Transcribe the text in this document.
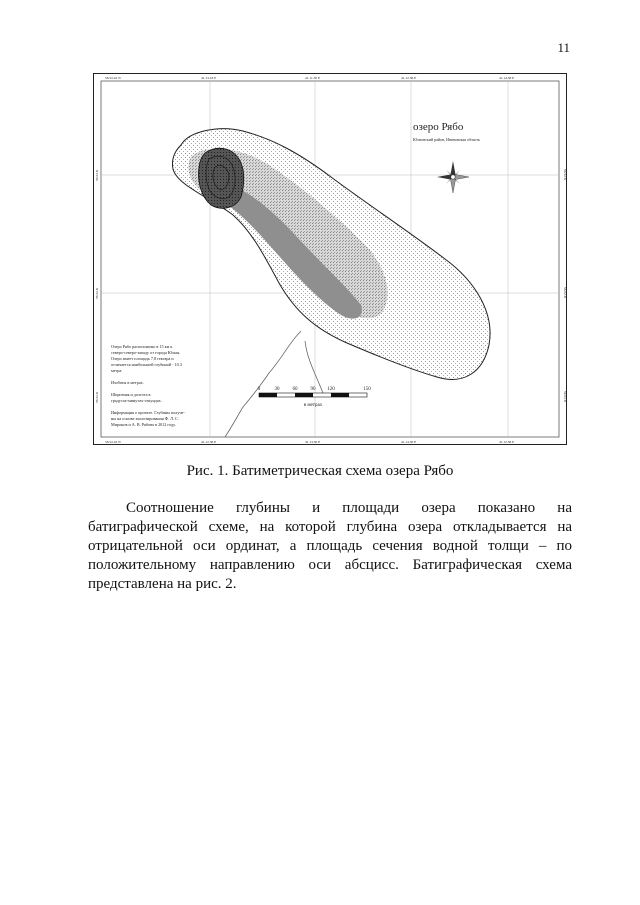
11
56.52.42 N	41.13.18 E	41.11.30 E	41.12.36 E	41.14.58 E
56.52.42 N	41.12.36 E	41.13.30 E	41.14.30 E	41.12.36 E
56.53.N
56.52.N
56.51.N
56.52.N
56.52.N
56.51.N
озеро Рябо
Юхновский район, Ивановская область
Озеро Рябо расположено в 15 км к
северо-северо-западу от города Юхны.
Озеро имеет площадь 7,8 гектара и
отличается наибольшей глубиной - 10,3
метра.
Изобаты в метрах.
Широтная и долгота в
градусах-минутах-секундах.
Информация о проекте. Глубины получе-
ны на основе эхолотирования Ф. Л. С.
Миронов и А. В. Рябова в 2012 году.
0	30	60	90 120	150
в метрах
Рис. 1. Батиметрическая схема озера Рябо

Соотношение глубины и площади озера показано на батиграфической схеме, на которой глубина озера откладывается на отрицательной оси ординат, а площадь сечения водной толщи – по положительному направлению оси абсцисс. Батиграфическая схема представлена на рис. 2.
